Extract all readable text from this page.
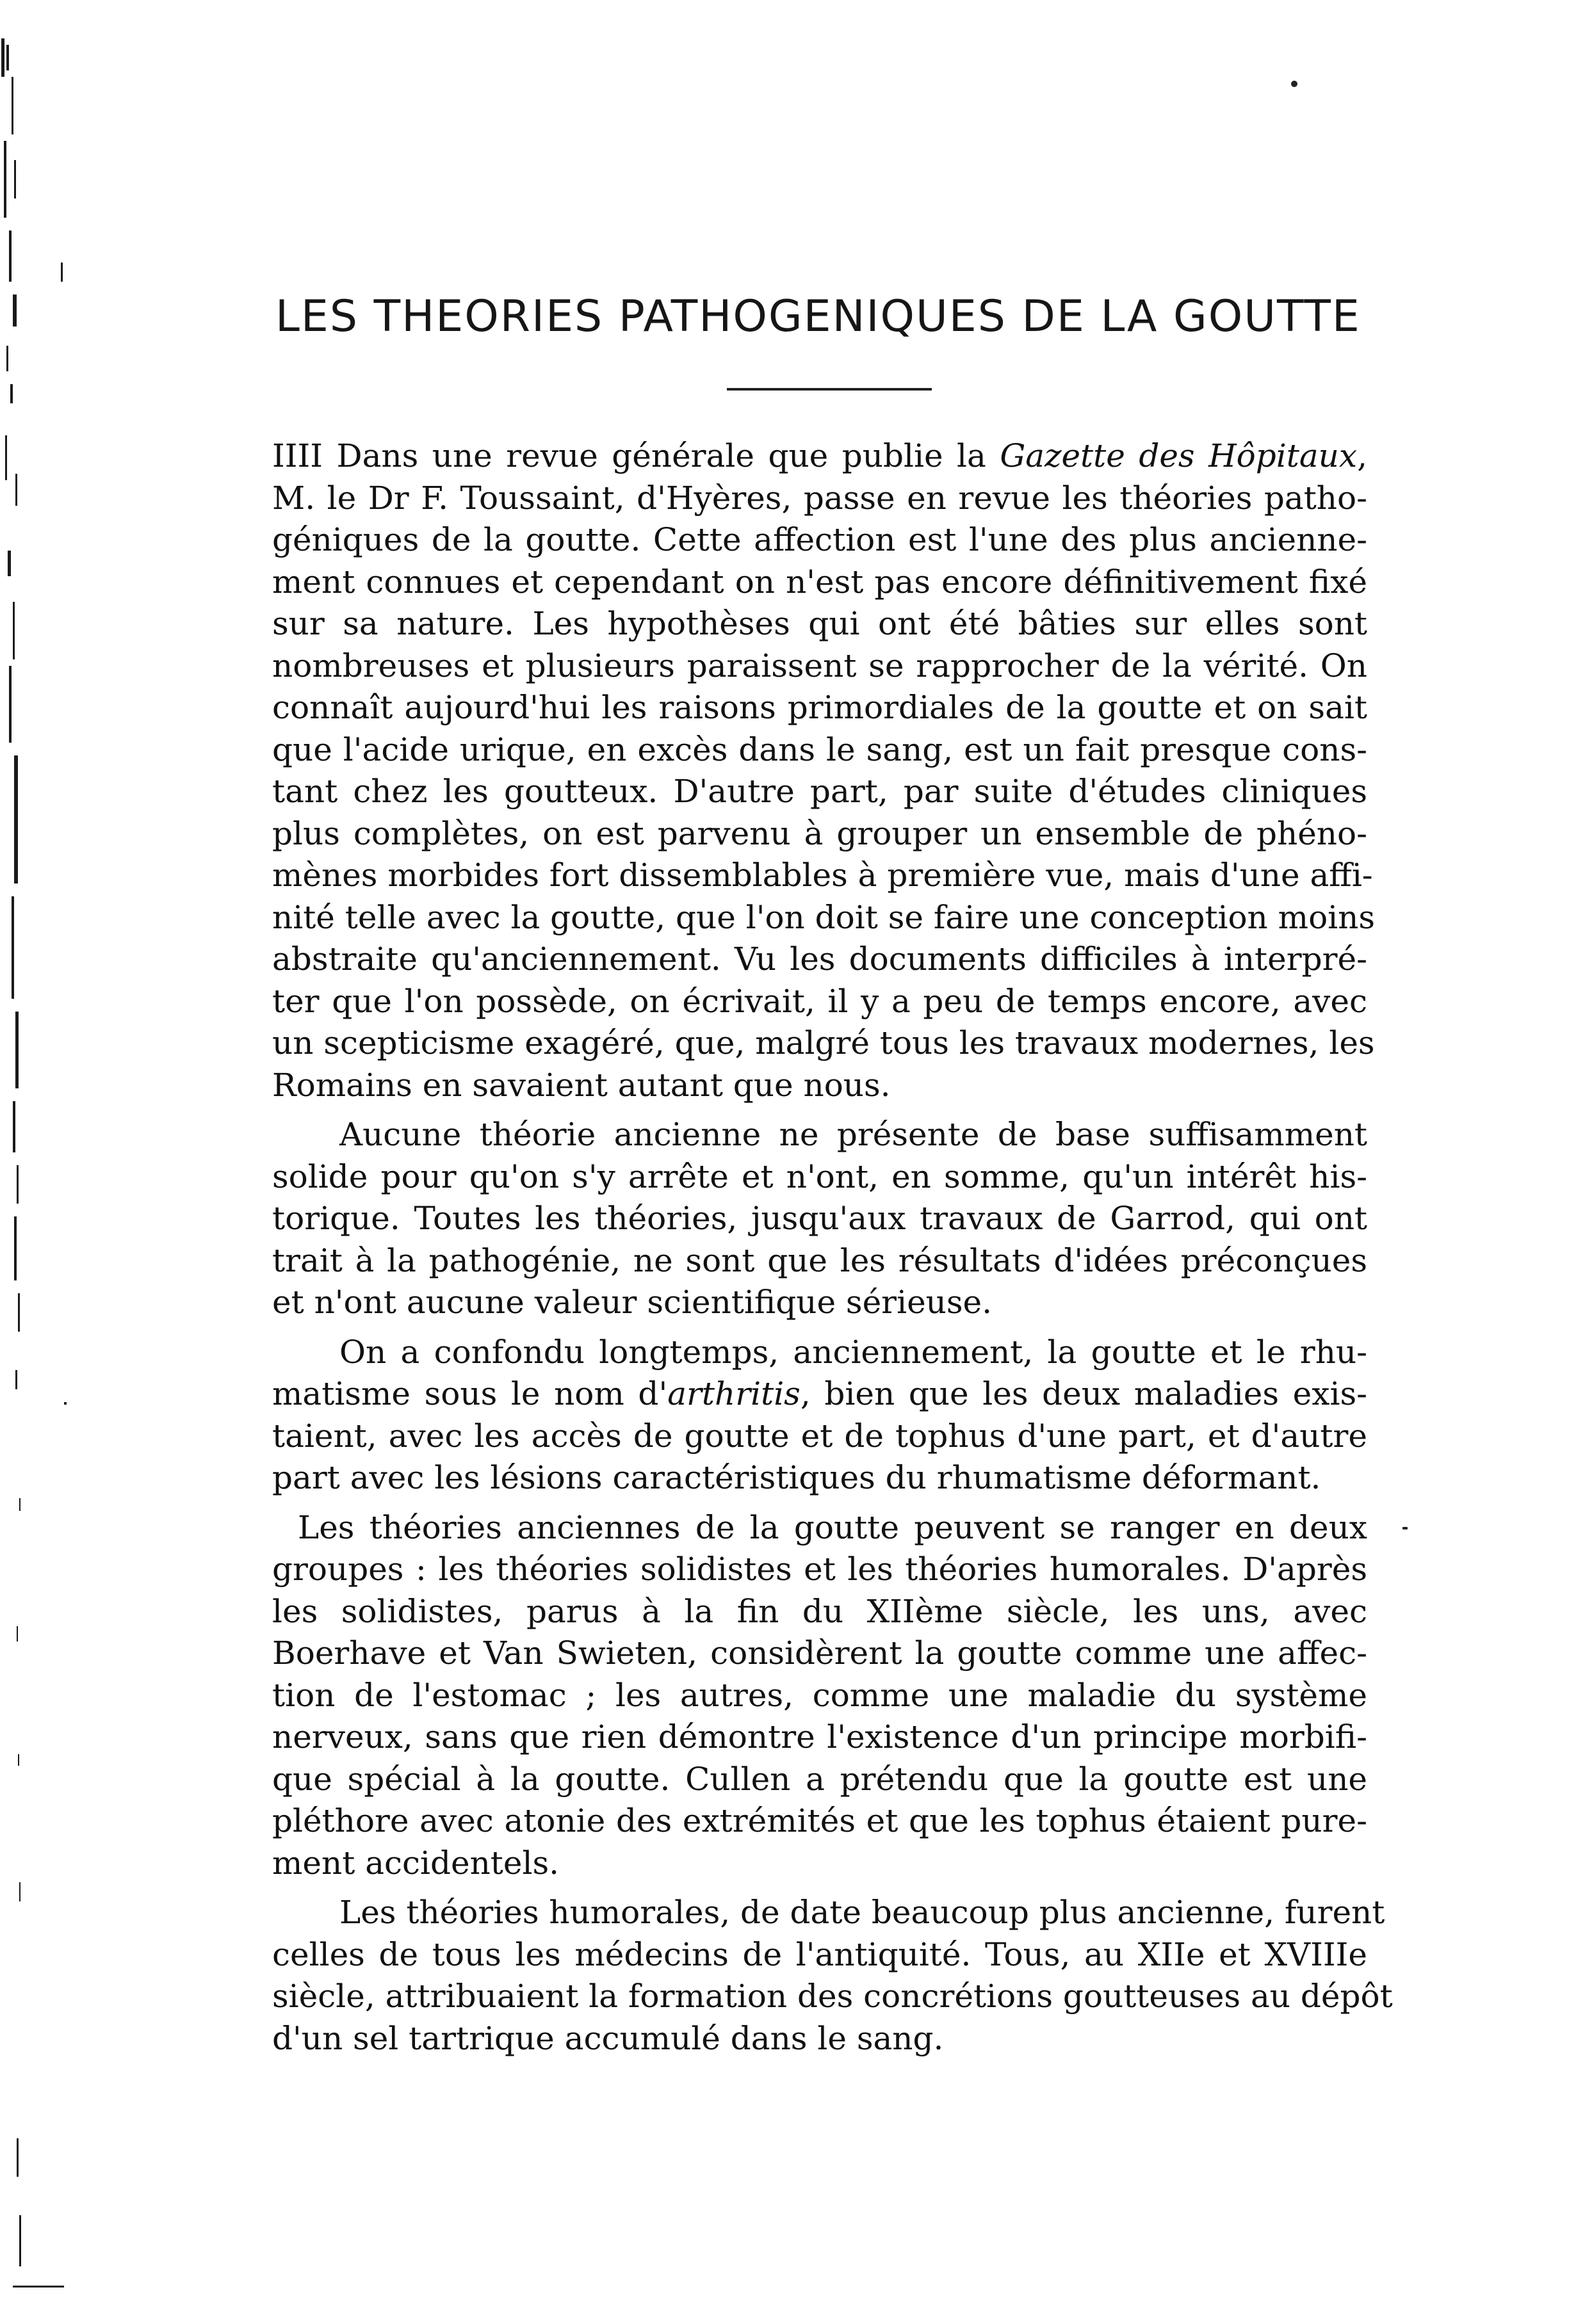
LES THEORIES PATHOGENIQUES DE LA GOUTTE
IIII Dans une revue générale que publie la Gazette des Hôpitaux,
M. le Dr F. Toussaint, d'Hyères, passe en revue les théories patho-
géniques de la goutte. Cette affection est l'une des plus ancienne-
ment connues et cependant on n'est pas encore définitivement fixé
sur sa nature. Les hypothèses qui ont été bâties sur elles sont
nombreuses et plusieurs paraissent se rapprocher de la vérité. On
connaît aujourd'hui les raisons primordiales de la goutte et on sait
que l'acide urique, en excès dans le sang, est un fait presque cons-
tant chez les goutteux. D'autre part, par suite d'études cliniques
plus complètes, on est parvenu à grouper un ensemble de phéno-
mènes morbides fort dissemblables à première vue, mais d'une affi-
nité telle avec la goutte, que l'on doit se faire une conception moins
abstraite qu'anciennement. Vu les documents difficiles à interpré-
ter que l'on possède, on écrivait, il y a peu de temps encore, avec
un scepticisme exagéré, que, malgré tous les travaux modernes, les
Romains en savaient autant que nous.
Aucune théorie ancienne ne présente de base suffisamment
solide pour qu'on s'y arrête et n'ont, en somme, qu'un intérêt his-
torique. Toutes les théories, jusqu'aux travaux de Garrod, qui ont
trait à la pathogénie, ne sont que les résultats d'idées préconçues
et n'ont aucune valeur scientifique sérieuse.
On a confondu longtemps, anciennement, la goutte et le rhu-
matisme sous le nom d'arthritis, bien que les deux maladies exis-
taient, avec les accès de goutte et de tophus d'une part, et d'autre
part avec les lésions caractéristiques du rhumatisme déformant.
Les théories anciennes de la goutte peuvent se ranger en deux
groupes : les théories solidistes et les théories humorales. D'après
les solidistes, parus à la fin du XIIème siècle, les uns, avec
Boerhave et Van Swieten, considèrent la goutte comme une affec-
tion de l'estomac ; les autres, comme une maladie du système
nerveux, sans que rien démontre l'existence d'un principe morbifi-
que spécial à la goutte. Cullen a prétendu que la goutte est une
pléthore avec atonie des extrémités et que les tophus étaient pure-
ment accidentels.
Les théories humorales, de date beaucoup plus ancienne, furent
celles de tous les médecins de l'antiquité. Tous, au XIIe et XVIIIe
siècle, attribuaient la formation des concrétions goutteuses au dépôt
d'un sel tartrique accumulé dans le sang.
